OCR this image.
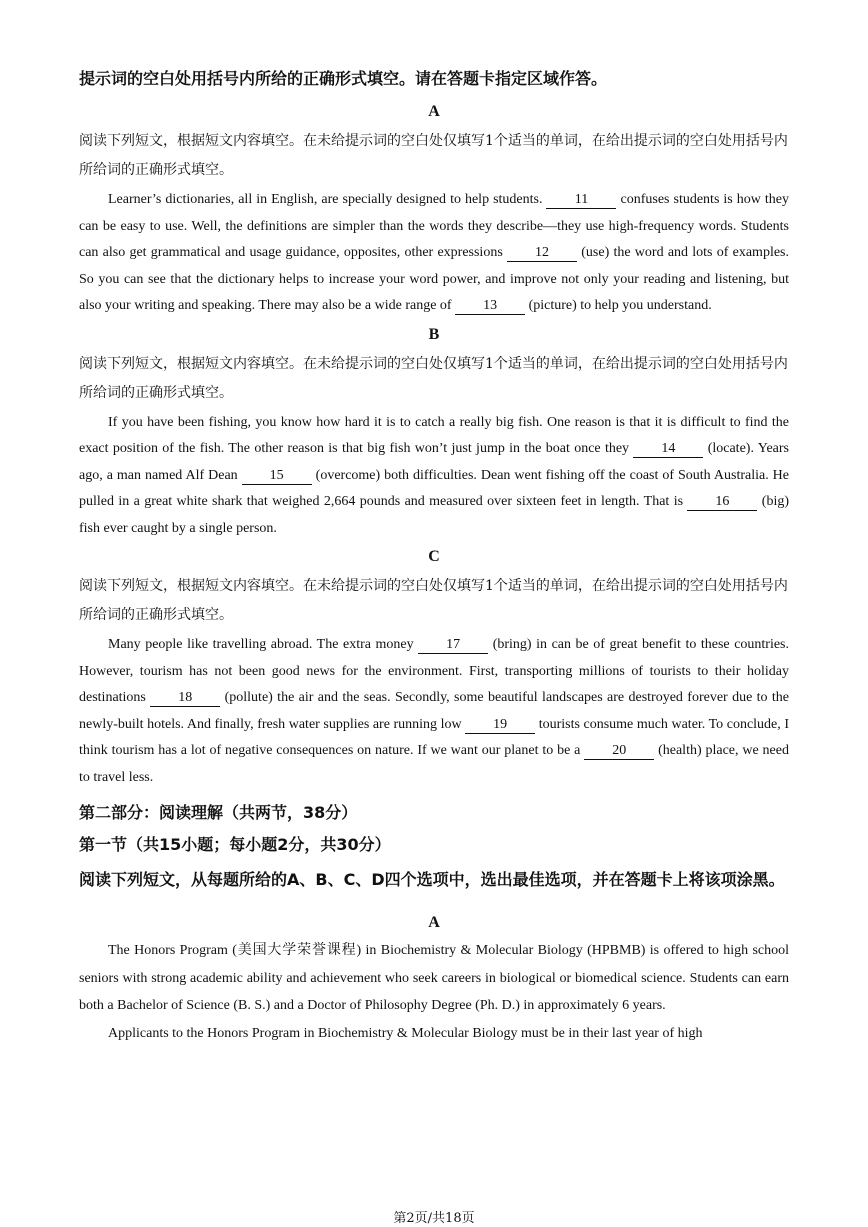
提示词的空白处用括号内所给的正确形式填空。请在答题卡指定区域作答。

A

阅读下列短文，根据短文内容填空。在未给提示词的空白处仅填写1个适当的单词，在给出提示词的空白处用括号内所给词的正确形式填空。

Learner’s dictionaries, all in English, are specially designed to help students. 11 confuses students is how they can be easy to use. Well, the definitions are simpler than the words they describe—they use high-frequency words. Students can also get grammatical and usage guidance, opposites, other expressions 12 (use) the word and lots of examples. So you can see that the dictionary helps to increase your word power, and improve not only your reading and listening, but also your writing and speaking. There may also be a wide range of 13 (picture) to help you understand.

B

阅读下列短文，根据短文内容填空。在未给提示词的空白处仅填写1个适当的单词，在给出提示词的空白处用括号内所给词的正确形式填空。

If you have been fishing, you know how hard it is to catch a really big fish. One reason is that it is difficult to find the exact position of the fish. The other reason is that big fish won’t just jump in the boat once they 14 (locate). Years ago, a man named Alf Dean 15 (overcome) both difficulties. Dean went fishing off the coast of South Australia. He pulled in a great white shark that weighed 2,664 pounds and measured over sixteen feet in length. That is 16 (big) fish ever caught by a single person.

C

阅读下列短文，根据短文内容填空。在未给提示词的空白处仅填写1个适当的单词，在给出提示词的空白处用括号内所给词的正确形式填空。

Many people like travelling abroad. The extra money 17 (bring) in can be of great benefit to these countries. However, tourism has not been good news for the environment. First, transporting millions of tourists to their holiday destinations 18 (pollute) the air and the seas. Secondly, some beautiful landscapes are destroyed forever due to the newly-built hotels. And finally, fresh water supplies are running low 19 tourists consume much water. To conclude, I think tourism has a lot of negative consequences on nature. If we want our planet to be a 20 (health) place, we need to travel less.

第二部分：阅读理解（共两节，38分）

第一节（共15小题；每小题2分，共30分）

阅读下列短文，从每题所给的A、B、C、D四个选项中，选出最佳选项，并在答题卡上将该项涂黑。

A

The Honors Program (美国大学荣誉课程) in Biochemistry & Molecular Biology (HPBMB) is offered to high school seniors with strong academic ability and achievement who seek careers in biological or biomedical science. Students can earn both a Bachelor of Science (B. S.) and a Doctor of Philosophy Degree (Ph. D.) in approximately 6 years.

Applicants to the Honors Program in Biochemistry & Molecular Biology must be in their last year of high

第2页/共18页
